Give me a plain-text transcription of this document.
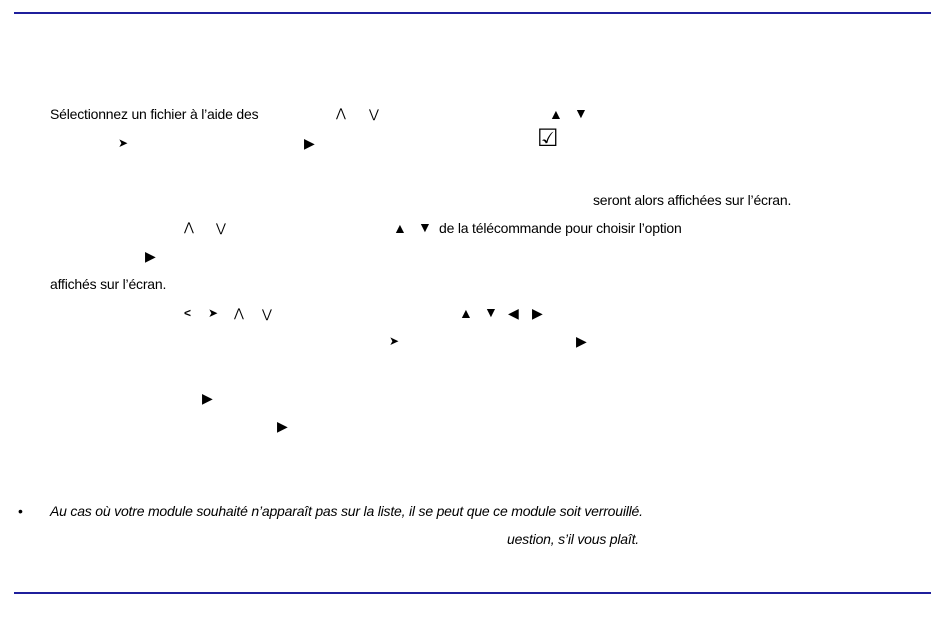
Sélectionnez un fichier à l’aide des	⋀ ⋁	▲ ▼
➤	▶	☑
seront alors affichées sur l’écran.
⋀ ⋁	▲ ▼ de la télécommande pour choisir l’option
▶
affichés sur l’écran.
< ➤ ⋀ ⋁	▲ ▼ ◀ ▶
➤	▶
▶
▶
• Au cas où votre module souhaité n’apparaît pas sur la liste, il se peut que ce module soit verrouillé.
uestion, s’il vous plaît.
